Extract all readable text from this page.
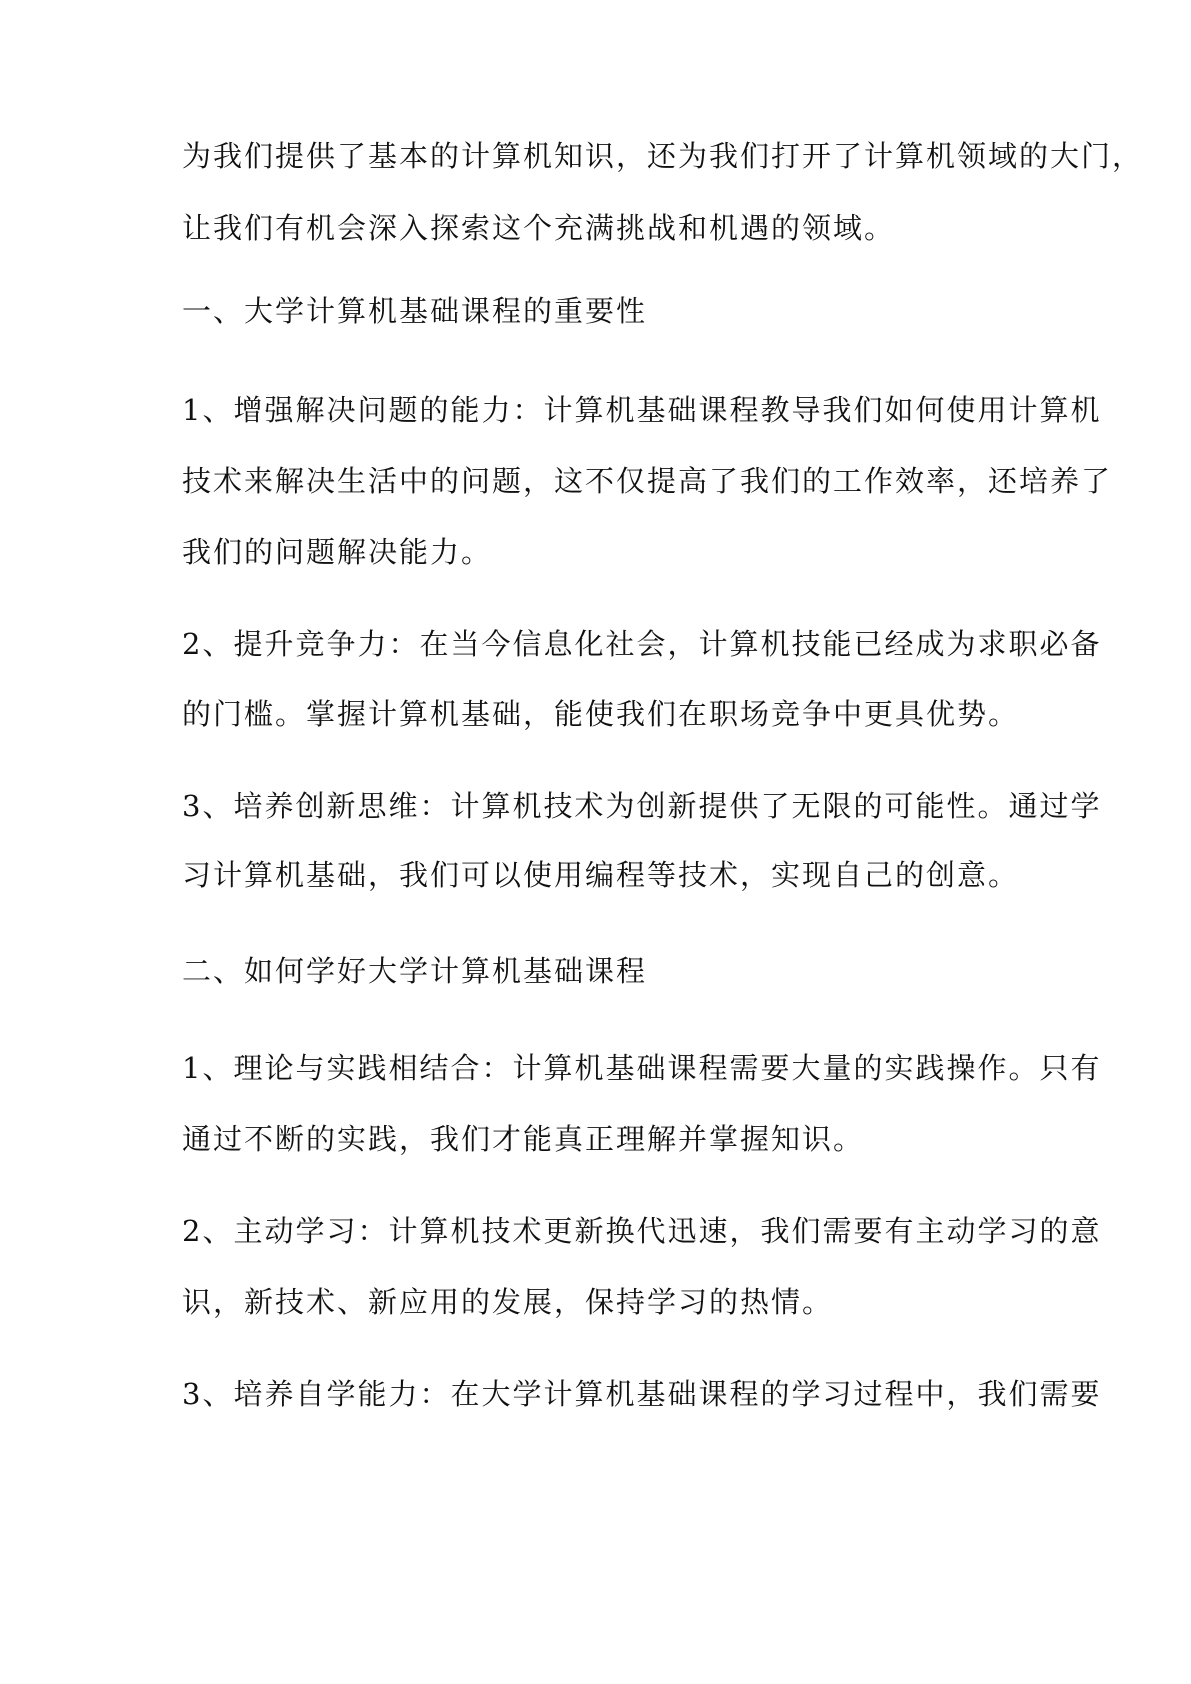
为我们提供了基本的计算机知识，还为我们打开了计算机领域的大门，
让我们有机会深入探索这个充满挑战和机遇的领域。
一、大学计算机基础课程的重要性
1、增强解决问题的能力：计算机基础课程教导我们如何使用计算机
技术来解决生活中的问题，这不仅提高了我们的工作效率，还培养了
我们的问题解决能力。
2、提升竞争力：在当今信息化社会，计算机技能已经成为求职必备
的门槛。掌握计算机基础，能使我们在职场竞争中更具优势。
3、培养创新思维：计算机技术为创新提供了无限的可能性。通过学
习计算机基础，我们可以使用编程等技术，实现自己的创意。
二、如何学好大学计算机基础课程
1、理论与实践相结合：计算机基础课程需要大量的实践操作。只有
通过不断的实践，我们才能真正理解并掌握知识。
2、主动学习：计算机技术更新换代迅速，我们需要有主动学习的意
识，新技术、新应用的发展，保持学习的热情。
3、培养自学能力：在大学计算机基础课程的学习过程中，我们需要
